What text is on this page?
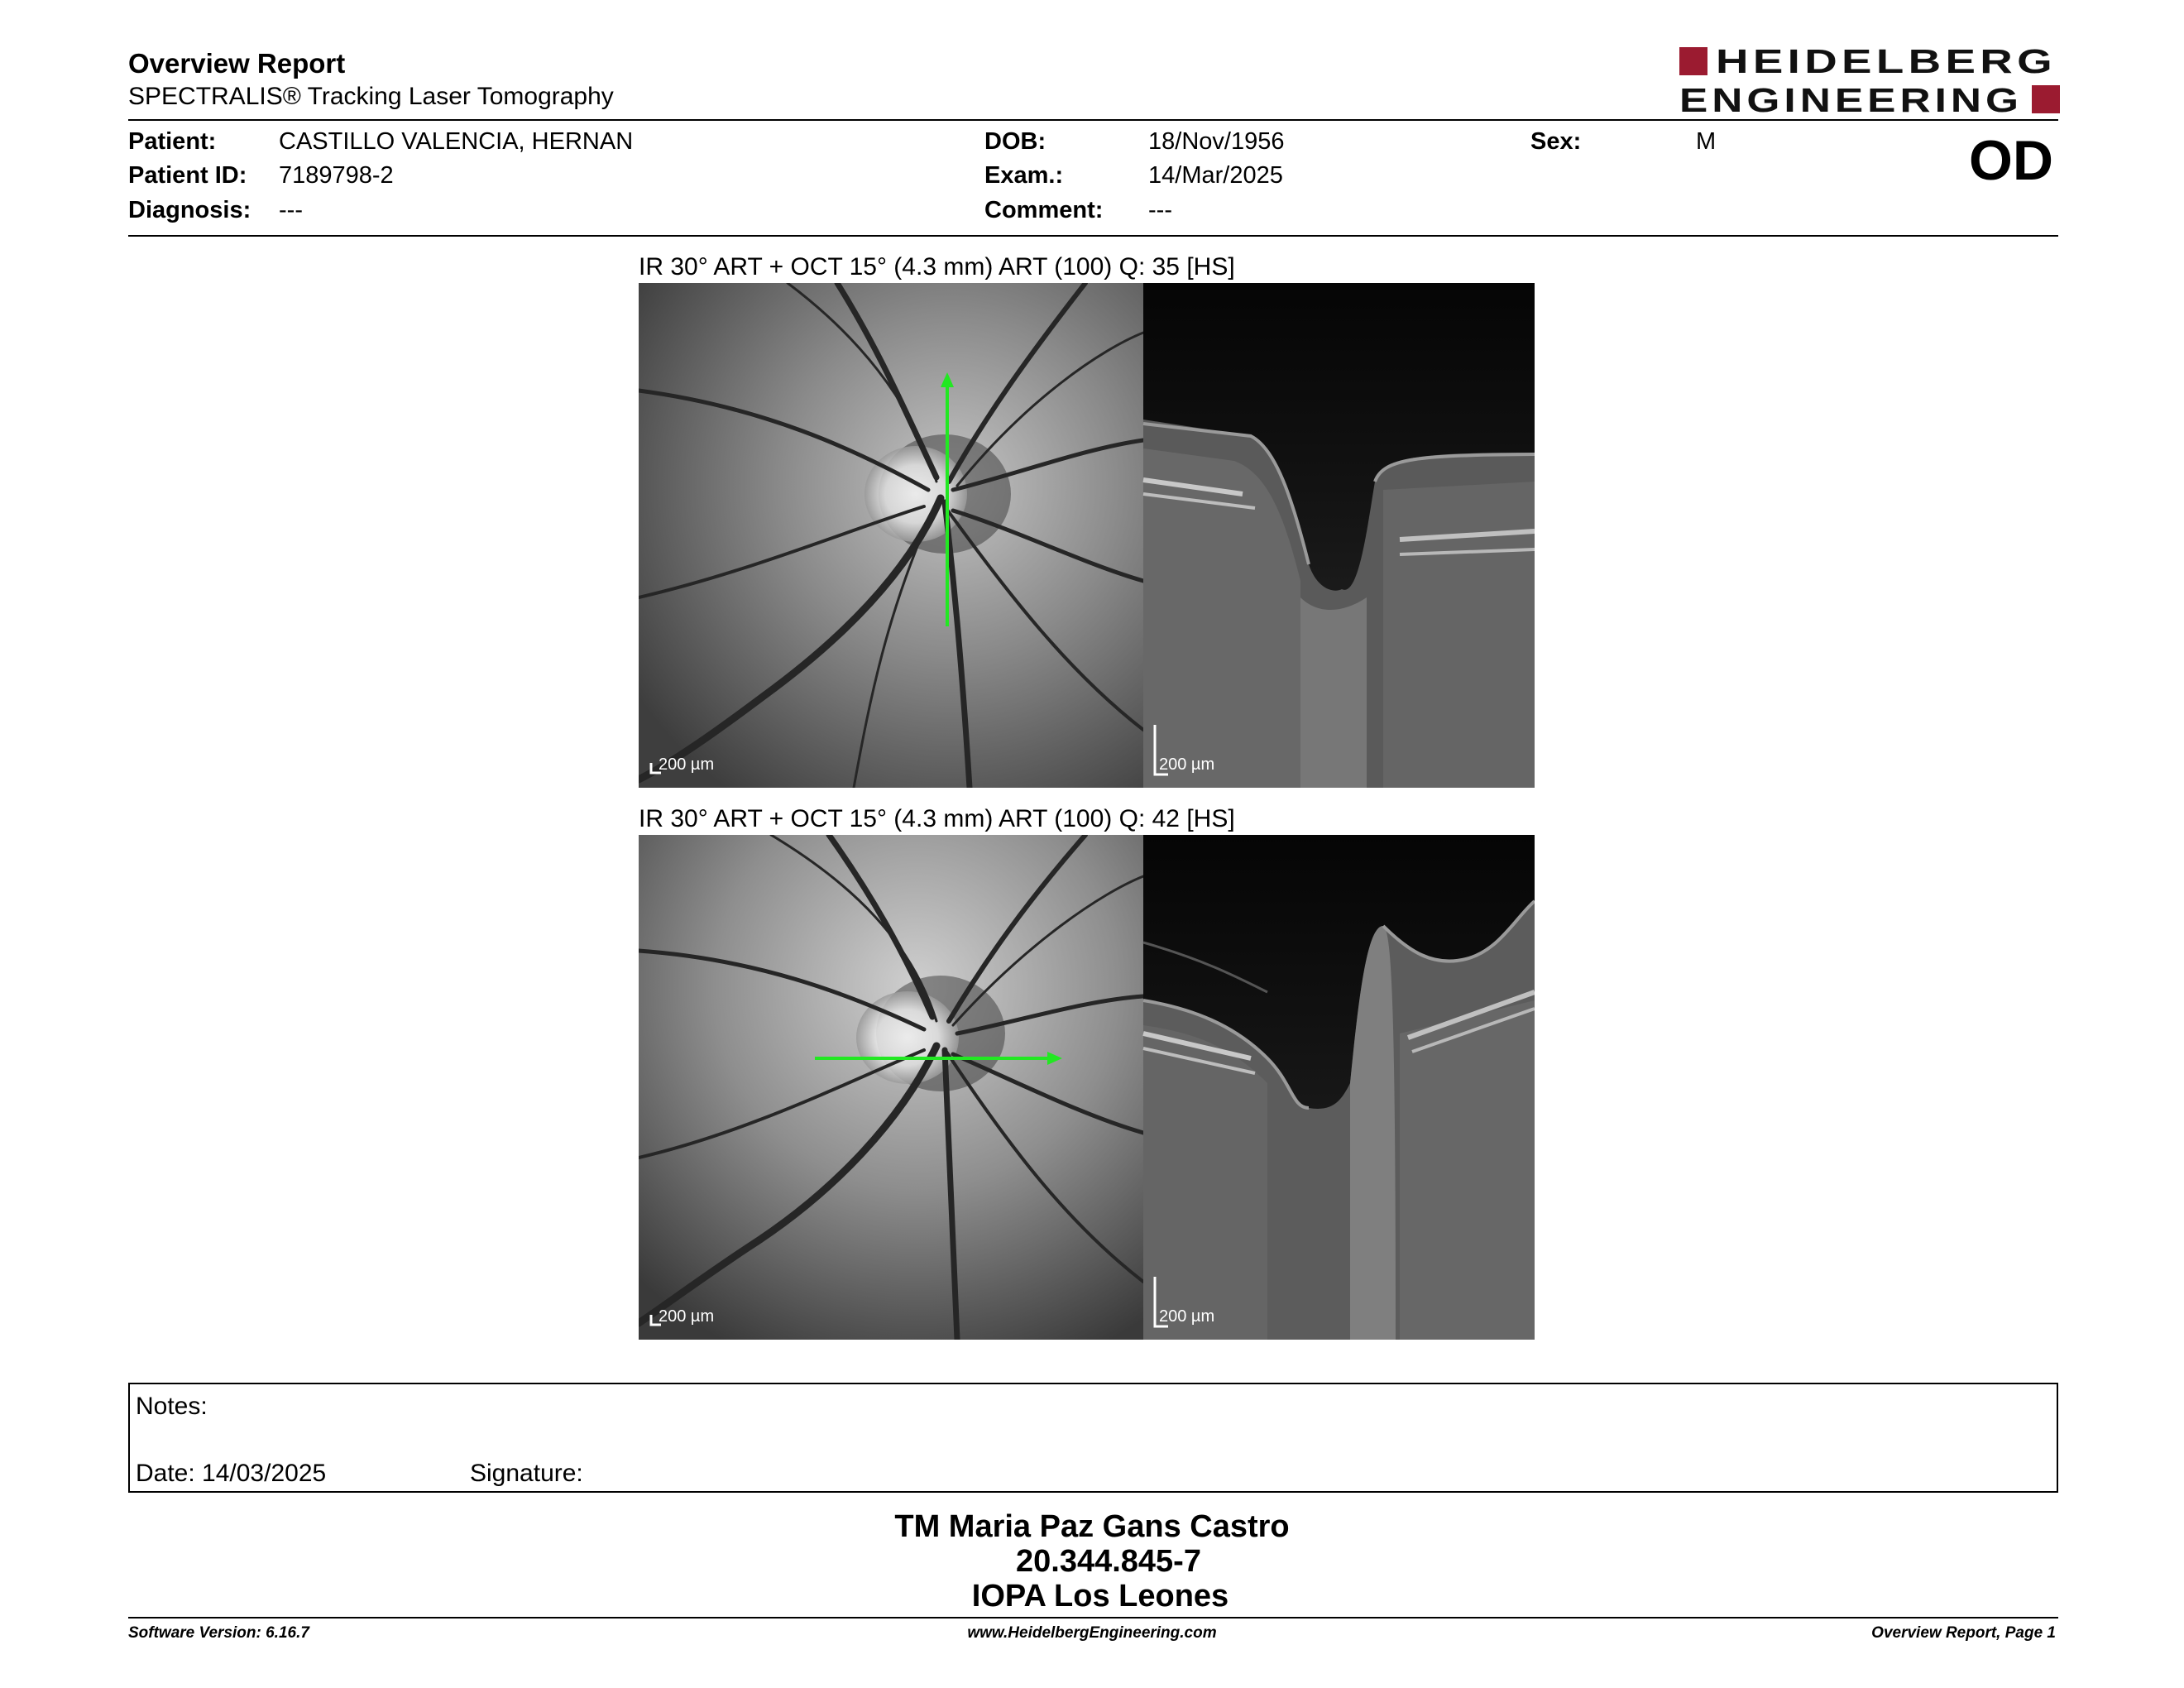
Overview Report
SPECTRALIS® Tracking Laser Tomography
HEIDELBERG
ENGINEERING
Patient:	CASTILLO VALENCIA, HERNAN
Patient ID: 7189798-2
Diagnosis: ---
DOB:	18/Nov/1956
Exam.:	14/Mar/2025
Comment: ---
Sex:	M	OD
IR 30° ART + OCT 15° (4.3 mm) ART (100) Q: 35 [HS]
200 µm	200 µm
IR 30° ART + OCT 15° (4.3 mm) ART (100) Q: 42 [HS]
200 µm	200 µm
Notes:
Date: 14/03/2025	Signature:
TM Maria Paz Gans Castro
20.344.845-7
IOPA Los Leones
Software Version: 6.16.7	www.HeidelbergEngineering.com	Overview Report, Page 1
